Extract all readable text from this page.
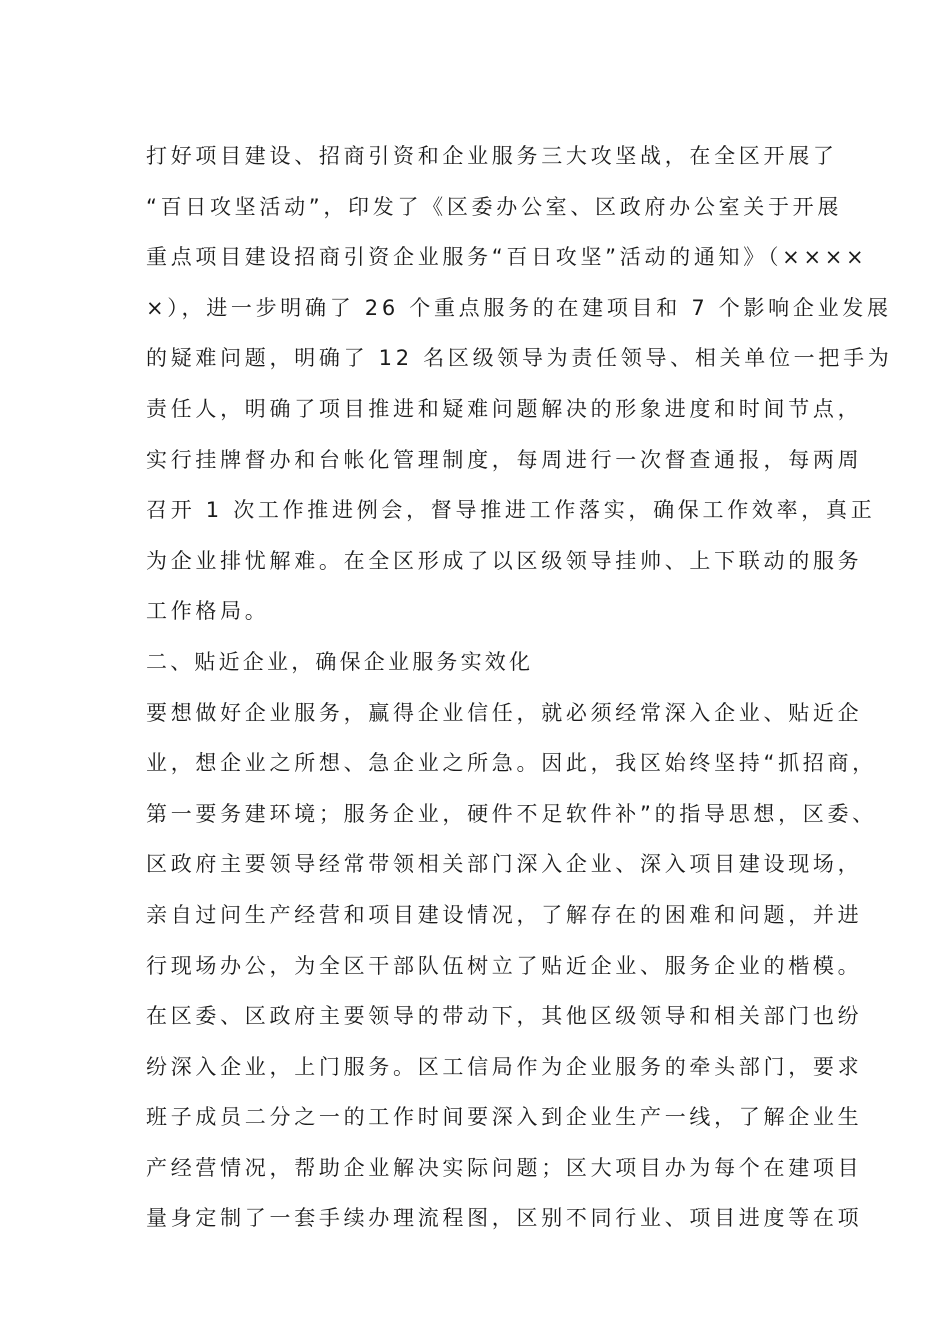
打好项目建设、招商引资和企业服务三大攻坚战，在全区开展了
“百日攻坚活动”，印发了《区委办公室、区政府办公室关于开展
重点项目建设招商引资企业服务“百日攻坚”活动的通知》（××××
×），进一步明确了 26 个重点服务的在建项目和 7 个影响企业发展
的疑难问题，明确了 12 名区级领导为责任领导、相关单位一把手为
责任人，明确了项目推进和疑难问题解决的形象进度和时间节点，
实行挂牌督办和台帐化管理制度，每周进行一次督查通报，每两周
召开 1 次工作推进例会，督导推进工作落实，确保工作效率，真正
为企业排忧解难。在全区形成了以区级领导挂帅、上下联动的服务
工作格局。
二、贴近企业，确保企业服务实效化
要想做好企业服务，赢得企业信任，就必须经常深入企业、贴近企
业，想企业之所想、急企业之所急。因此，我区始终坚持“抓招商，
第一要务建环境；服务企业，硬件不足软件补”的指导思想，区委、
区政府主要领导经常带领相关部门深入企业、深入项目建设现场，
亲自过问生产经营和项目建设情况，了解存在的困难和问题，并进
行现场办公，为全区干部队伍树立了贴近企业、服务企业的楷模。
在区委、区政府主要领导的带动下，其他区级领导和相关部门也纷
纷深入企业，上门服务。区工信局作为企业服务的牵头部门，要求
班子成员二分之一的工作时间要深入到企业生产一线，了解企业生
产经营情况，帮助企业解决实际问题；区大项目办为每个在建项目
量身定制了一套手续办理流程图，区别不同行业、项目进度等在项
